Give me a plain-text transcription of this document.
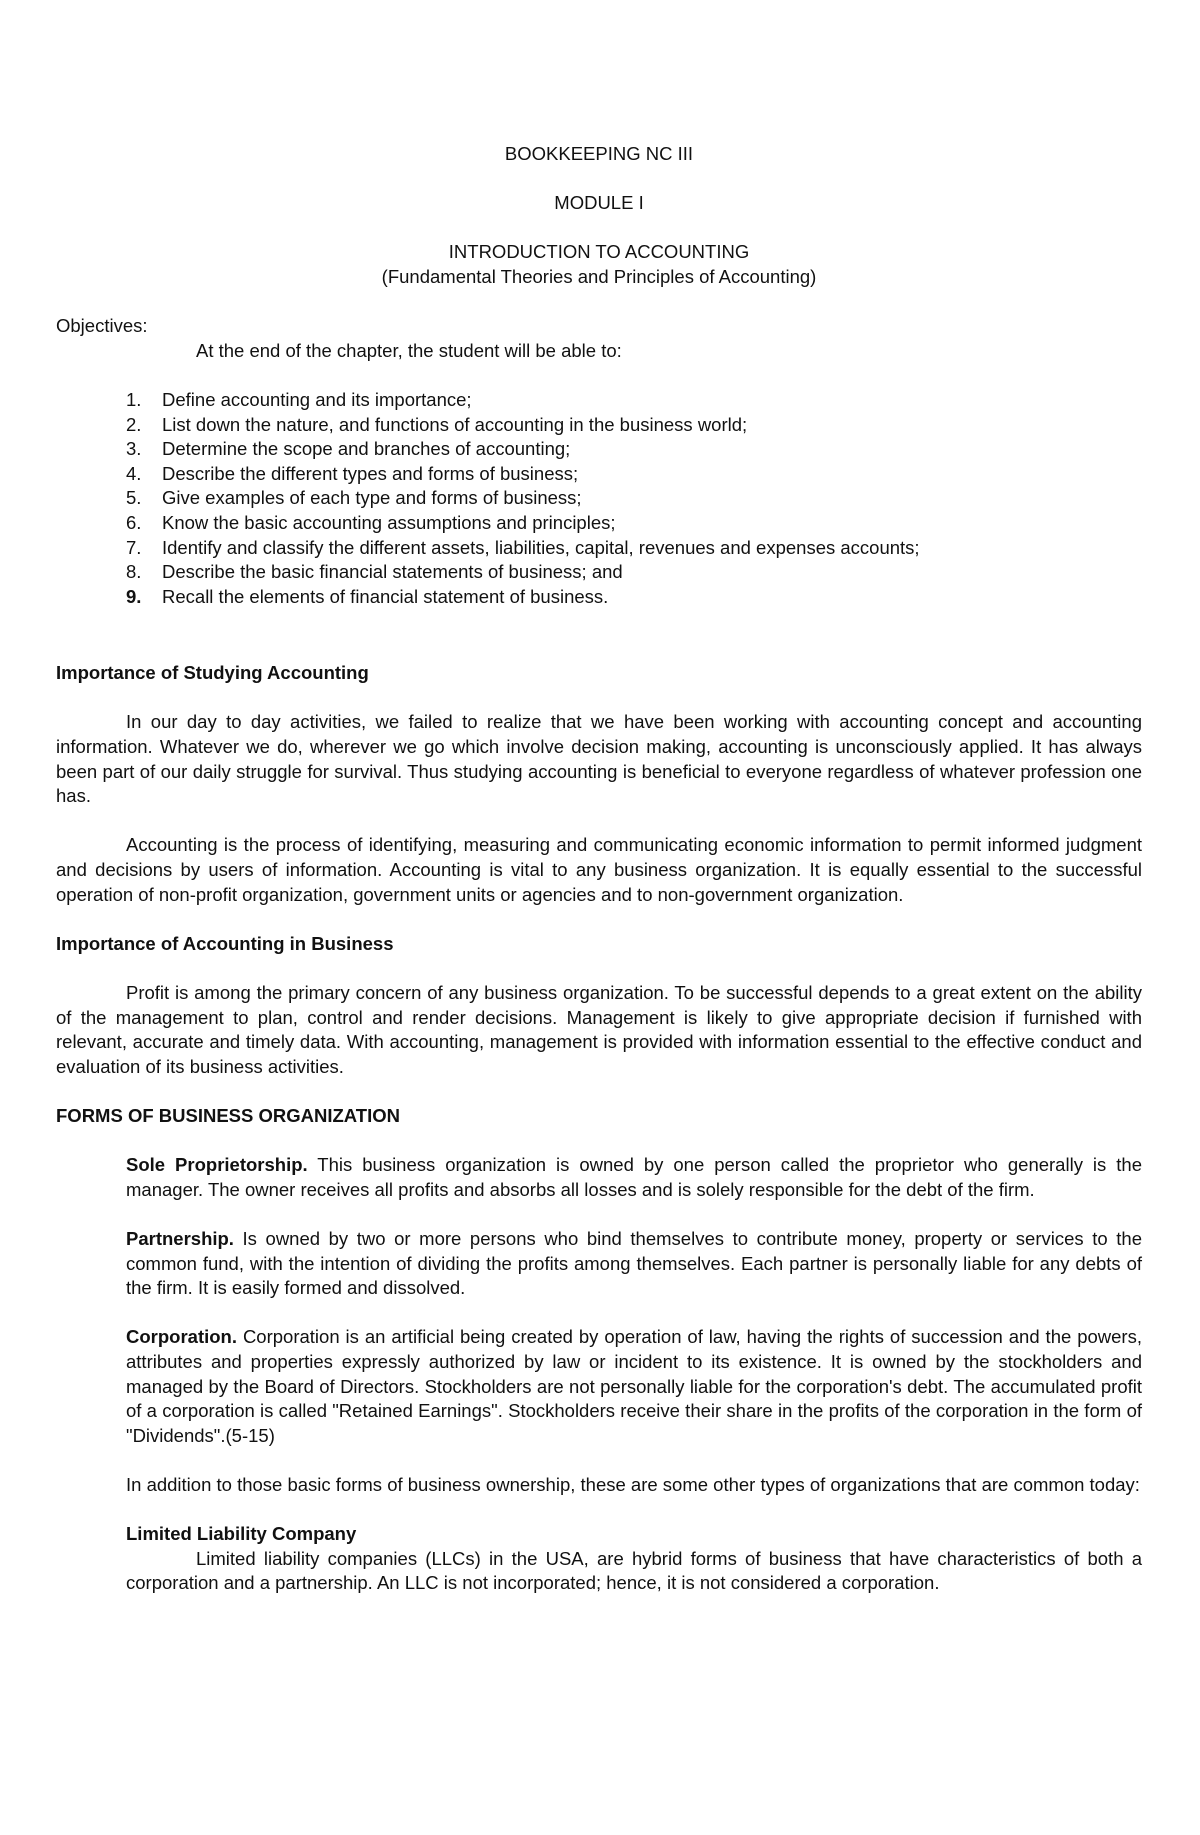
BOOKKEEPING NC III

MODULE I

INTRODUCTION TO ACCOUNTING

(Fundamental Theories and Principles of Accounting)

Objectives:

At the end of the chapter, the student will be able to:

1.	Define accounting and its importance;
2.	List down the nature, and functions of accounting in the business world;
3.	Determine the scope and branches of accounting;
4.	Describe the different types and forms of business;
5.	Give examples of each type and forms of business;
6.	Know the basic accounting assumptions and principles;
7.	Identify and classify the different assets, liabilities, capital, revenues and expenses accounts;
8.	Describe the basic financial statements of business; and
9.	Recall the elements of financial statement of business.

Importance of Studying Accounting

In our day to day activities, we failed to realize that we have been working with accounting concept and accounting information. Whatever we do, wherever we go which involve decision making, accounting is unconsciously applied. It has always been part of our daily struggle for survival. Thus studying accounting is beneficial to everyone regardless of whatever profession one has.

Accounting is the process of identifying, measuring and communicating economic information to permit informed judgment and decisions by users of information. Accounting is vital to any business organization. It is equally essential to the successful operation of non-profit organization, government units or agencies and to non-government organization.

Importance of Accounting in Business

Profit is among the primary concern of any business organization. To be successful depends to a great extent on the ability of the management to plan, control and render decisions. Management is likely to give appropriate decision if furnished with relevant, accurate and timely data. With accounting, management is provided with information essential to the effective conduct and evaluation of its business activities.

FORMS OF BUSINESS ORGANIZATION

Sole Proprietorship. This business organization is owned by one person called the proprietor who generally is the manager. The owner receives all profits and absorbs all losses and is solely responsible for the debt of the firm.

Partnership. Is owned by two or more persons who bind themselves to contribute money, property or services to the common fund, with the intention of dividing the profits among themselves. Each partner is personally liable for any debts of the firm. It is easily formed and dissolved.

Corporation. Corporation is an artificial being created by operation of law, having the rights of succession and the powers, attributes and properties expressly authorized by law or incident to its existence. It is owned by the stockholders and managed by the Board of Directors. Stockholders are not personally liable for the corporation's debt. The accumulated profit of a corporation is called "Retained Earnings". Stockholders receive their share in the profits of the corporation in the form of "Dividends".(5-15)

In addition to those basic forms of business ownership, these are some other types of organizations that are common today:

Limited Liability Company

Limited liability companies (LLCs) in the USA, are hybrid forms of business that have characteristics of both a corporation and a partnership. An LLC is not incorporated; hence, it is not considered a corporation.
